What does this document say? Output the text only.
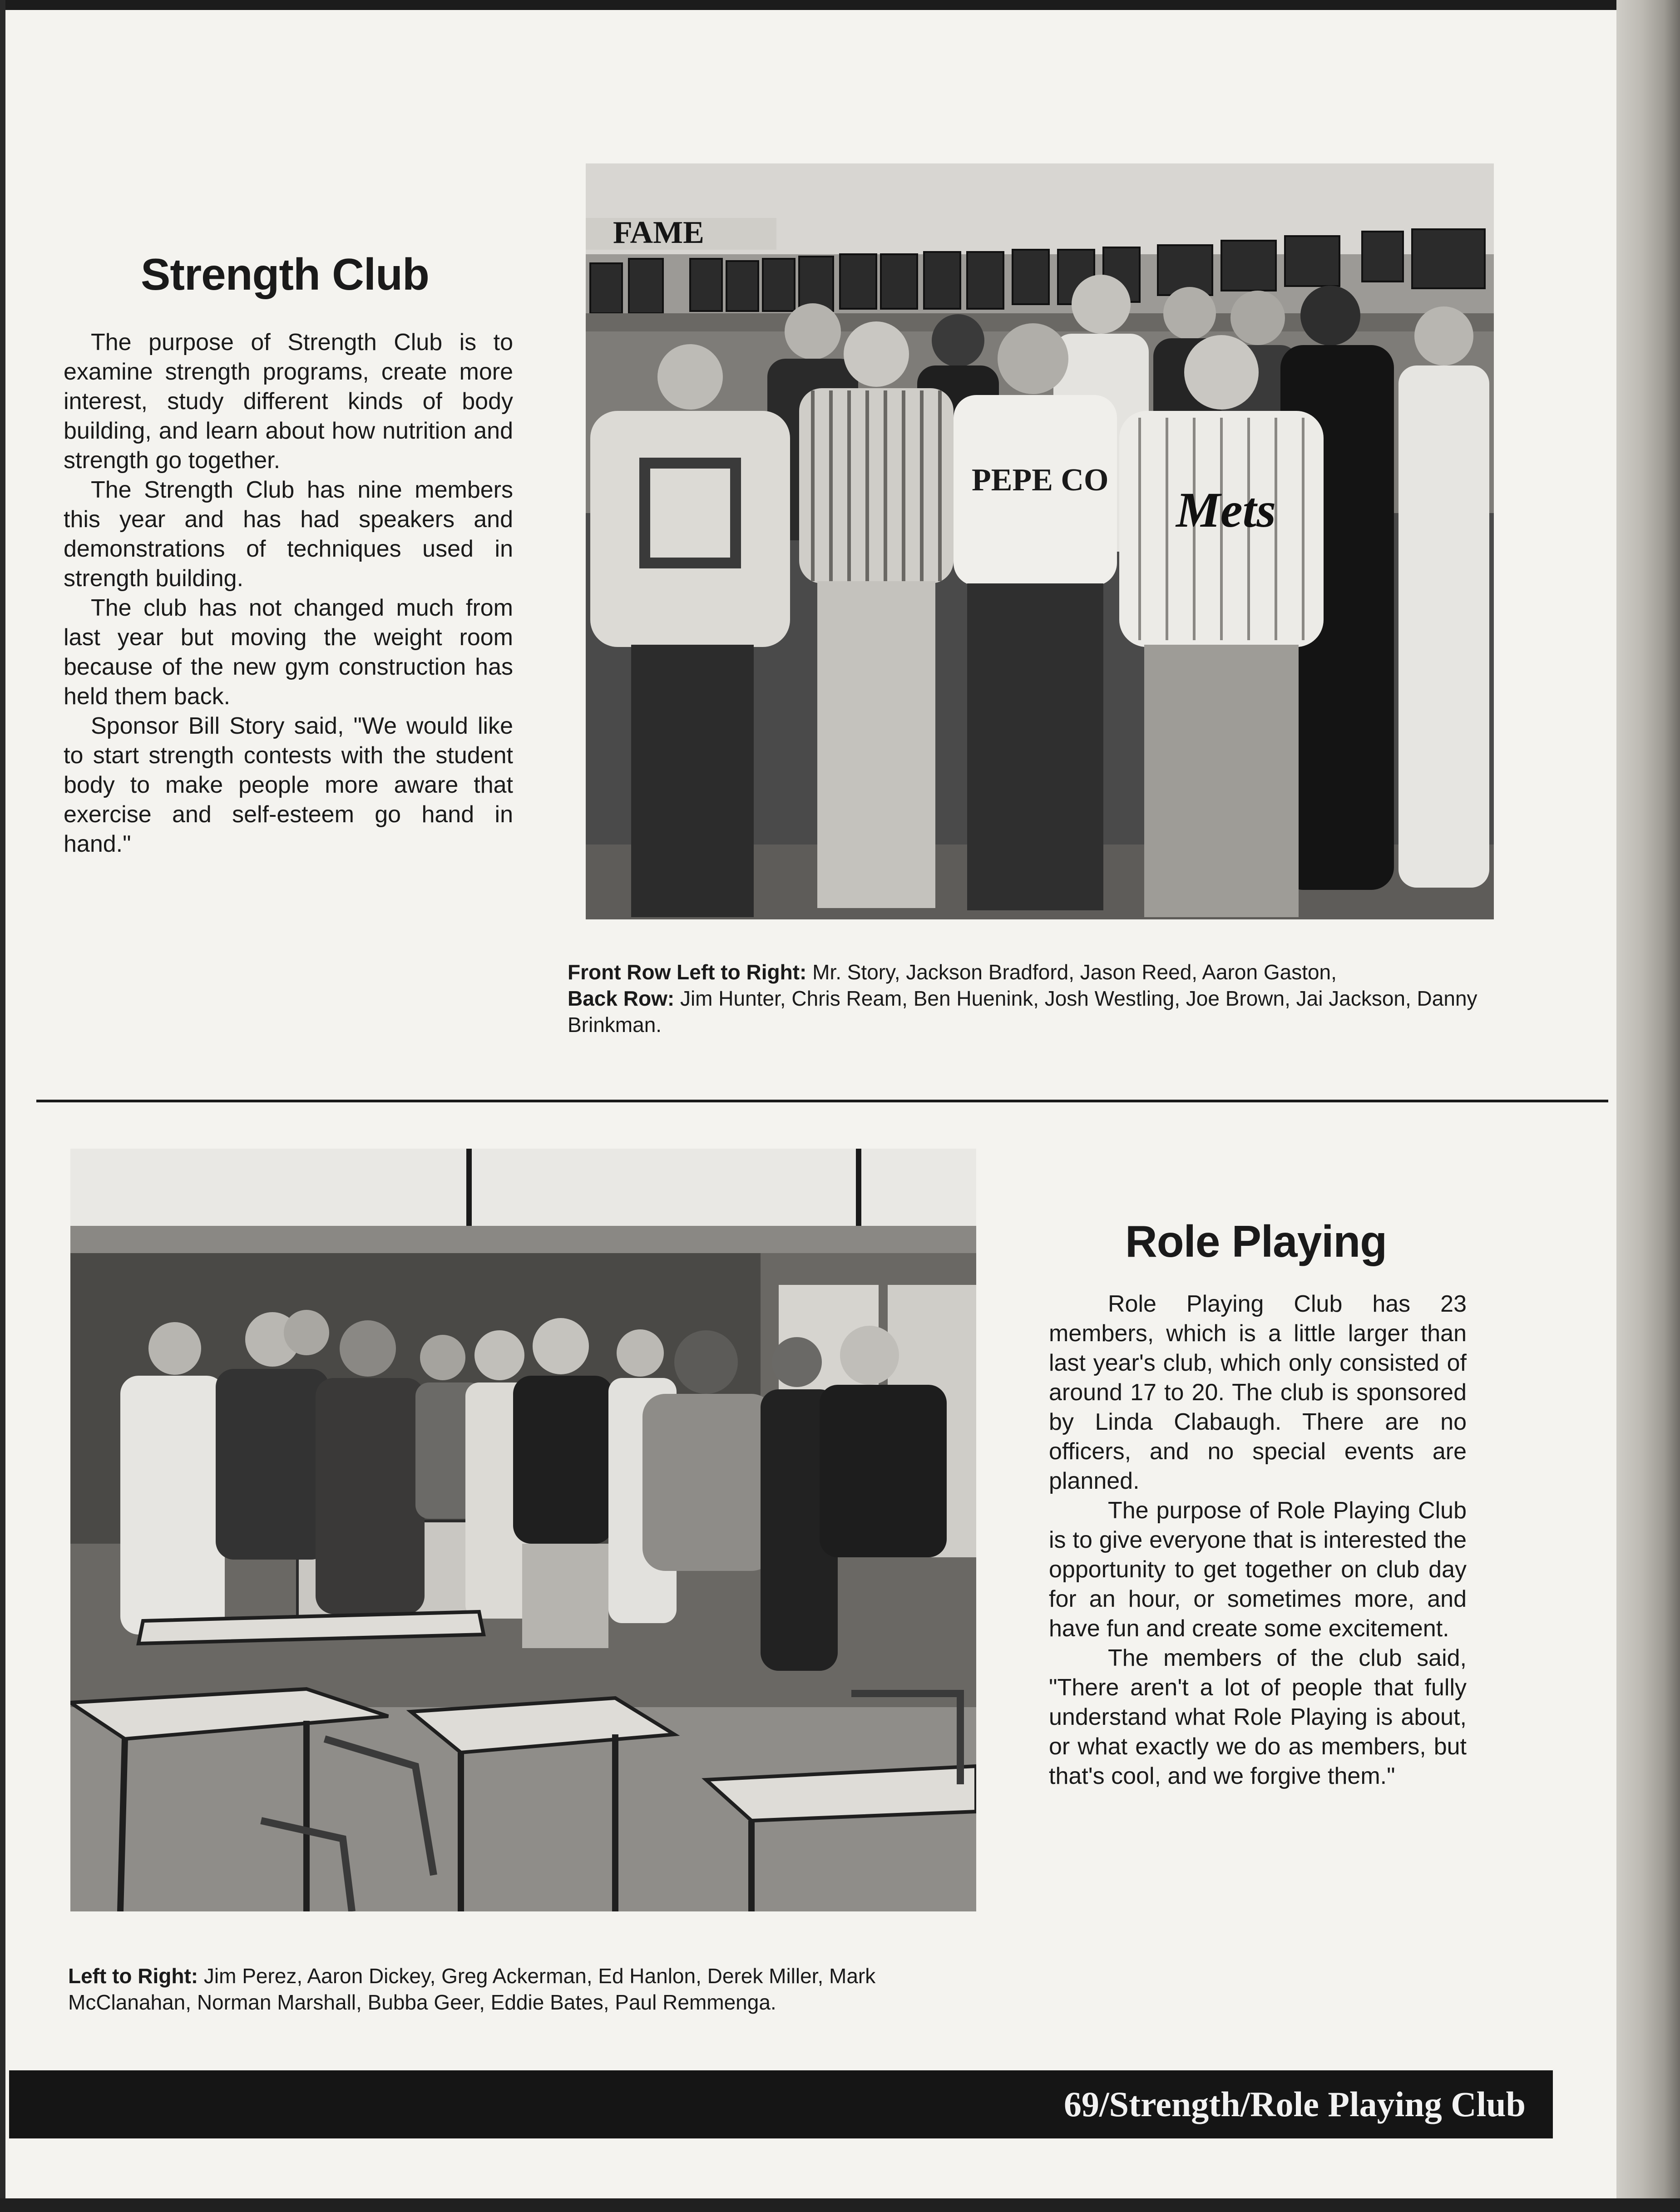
Strength Club

The purpose of Strength Club is to examine strength programs, create more interest, study different kinds of body building, and learn about how nutrition and strength go together.

The Strength Club has nine members this year and has had speakers and demonstrations of techniques used in strength building.

The club has not changed much from last year but moving the weight room because of the new gym construction has held them back.

Sponsor Bill Story said, "We would like to start strength contests with the student body to make people more aware that exercise and self-esteem go hand in hand."

FAME
PEPE CO
Mets
Front Row Left to Right: Mr. Story, Jackson Bradford, Jason Reed, Aaron Gaston,
Back Row: Jim Hunter, Chris Ream, Ben Huenink, Josh Westling, Joe Brown, Jai Jackson, Danny Brinkman.
Role Playing

Role Playing Club has 23 members, which is a little larger than last year's club, which only consisted of around 17 to 20. The club is sponsored by Linda Clabaugh. There are no officers, and no special events are planned.

The purpose of Role Playing Club is to give everyone that is interested the opportunity to get together on club day for an hour, or sometimes more, and have fun and create some excitement.

The members of the club said, "There aren't a lot of people that fully understand what Role Playing is about, or what exactly we do as members, but that's cool, and we forgive them."

Left to Right: Jim Perez, Aaron Dickey, Greg Ackerman, Ed Hanlon, Derek Miller, Mark McClanahan, Norman Marshall, Bubba Geer, Eddie Bates, Paul Remmenga.
69/Strength/Role Playing Club
